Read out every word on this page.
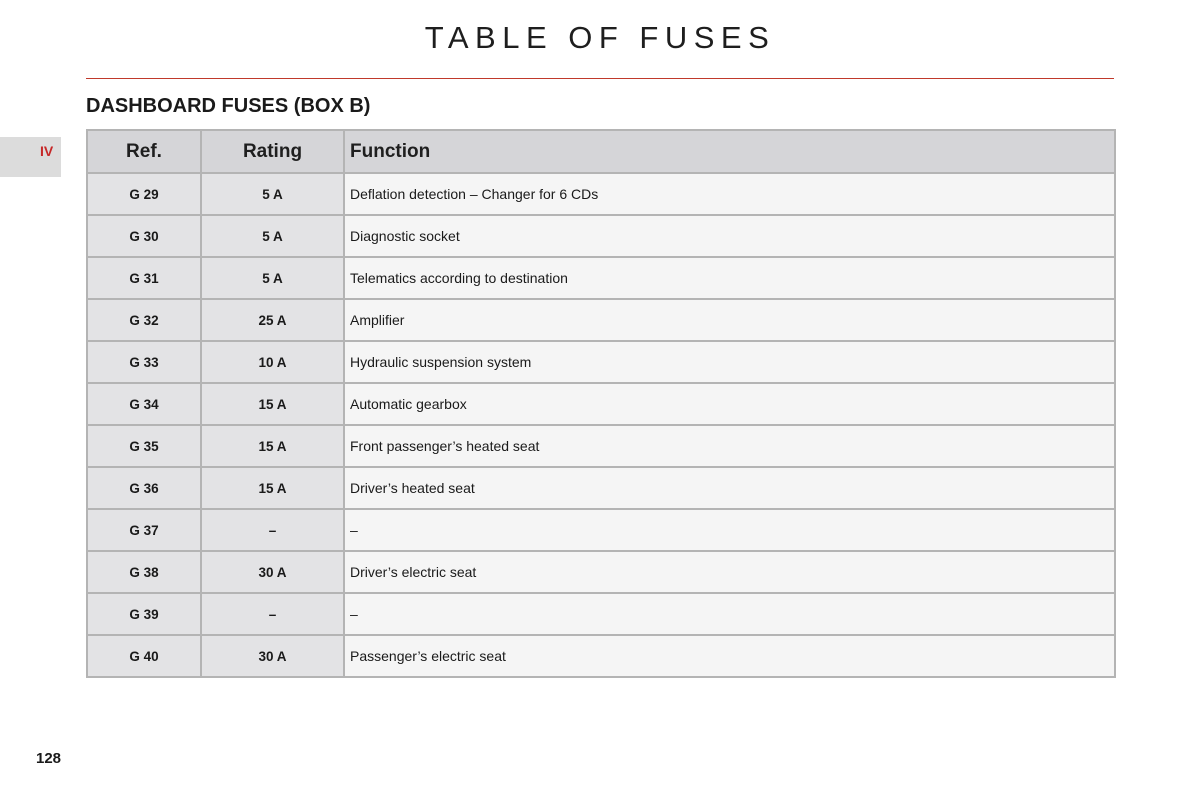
TABLE OF FUSES
DASHBOARD FUSES (BOX B)
IV	Ref.	Rating	Function
G 29	5 A	Deflation detection – Changer for 6 CDs
G 30	5 A	Diagnostic socket
G 31	5 A	Telematics according to destination
G 32	25 A	Amplifier
G 33	10 A	Hydraulic suspension system
G 34	15 A	Automatic gearbox
G 35	15 A	Front passenger’s heated seat
G 36	15 A	Driver’s heated seat
G 37	–	–
G 38	30 A	Driver’s electric seat
G 39	–	–
G 40	30 A	Passenger’s electric seat
128
